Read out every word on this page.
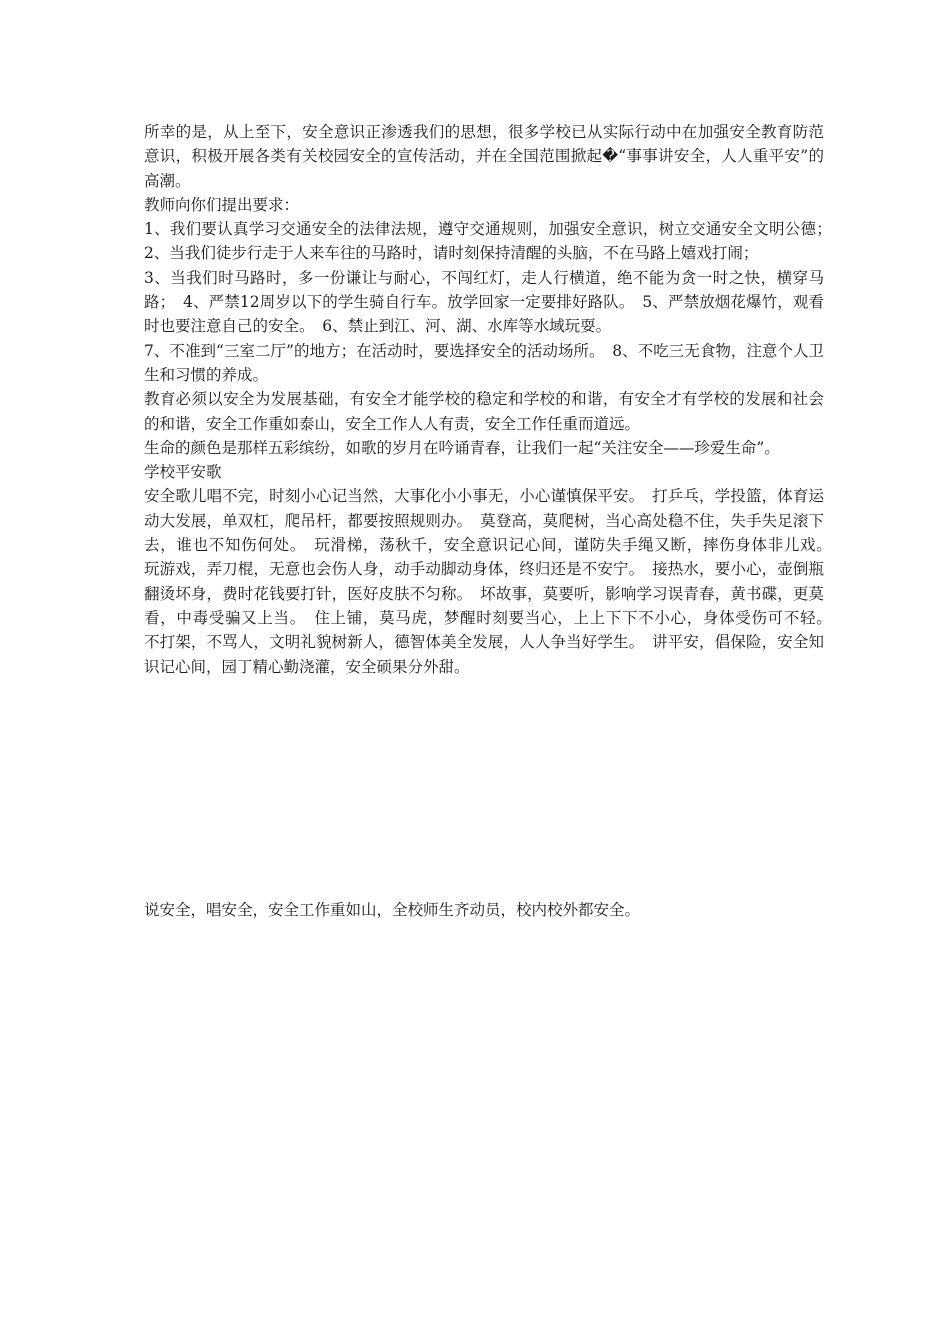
所幸的是，从上至下，安全意识正渗透我们的思想，很多学校已从实际行动中在加强安全教育防范意识，积极开展各类有关校园安全的宣传活动，并在全国范围掀起�“事事讲安全，人人重平安”的高潮。

教师向你们提出要求：

1、我们要认真学习交通安全的法律法规，遵守交通规则，加强安全意识，树立交通安全文明公德；　2、当我们徒步行走于人来车往的马路时，请时刻保持清醒的头脑，不在马路上嬉戏打闹；

3、当我们时马路时，多一份谦让与耐心，不闯红灯，走人行横道，绝不能为贪一时之快，横穿马路；　4、严禁12周岁以下的学生骑自行车。放学回家一定要排好路队。　5、严禁放烟花爆竹，观看时也要注意自己的安全。　6、禁止到江、河、湖、水库等水域玩耍。

7、不准到“三室二厅”的地方；在活动时，要选择安全的活动场所。　8、不吃三无食物，注意个人卫生和习惯的养成。

教育必须以安全为发展基础，有安全才能学校的稳定和学校的和谐，有安全才有学校的发展和社会的和谐，安全工作重如泰山，安全工作人人有责，安全工作任重而道远。

生命的颜色是那样五彩缤纷，如歌的岁月在吟诵青春，让我们一起“关注安全——珍爱生命”。

学校平安歌

安全歌儿唱不完，时刻小心记当然，大事化小小事无，小心谨慎保平安。　打乒乓，学投篮，体育运动大发展，单双杠，爬吊杆，都要按照规则办。　莫登高，莫爬树，当心高处稳不住，失手失足滚下去，谁也不知伤何处。　玩滑梯，荡秋千，安全意识记心间，谨防失手绳又断，摔伤身体非儿戏。　玩游戏，弄刀棍，无意也会伤人身，动手动脚动身体，终归还是不安宁。　接热水，要小心，壶倒瓶翻烫坏身，费时花钱要打针，医好皮肤不匀称。　坏故事，莫要听，影响学习误青春，黄书碟，更莫看，中毒受骗又上当。　住上铺，莫马虎，梦醒时刻要当心，上上下下不小心，身体受伤可不轻。　不打架，不骂人，文明礼貌树新人，德智体美全发展，人人争当好学生。　讲平安，倡保险，安全知识记心间，园丁精心勤浇灌，安全硕果分外甜。

说安全，唱安全，安全工作重如山，全校师生齐动员，校内校外都安全。
